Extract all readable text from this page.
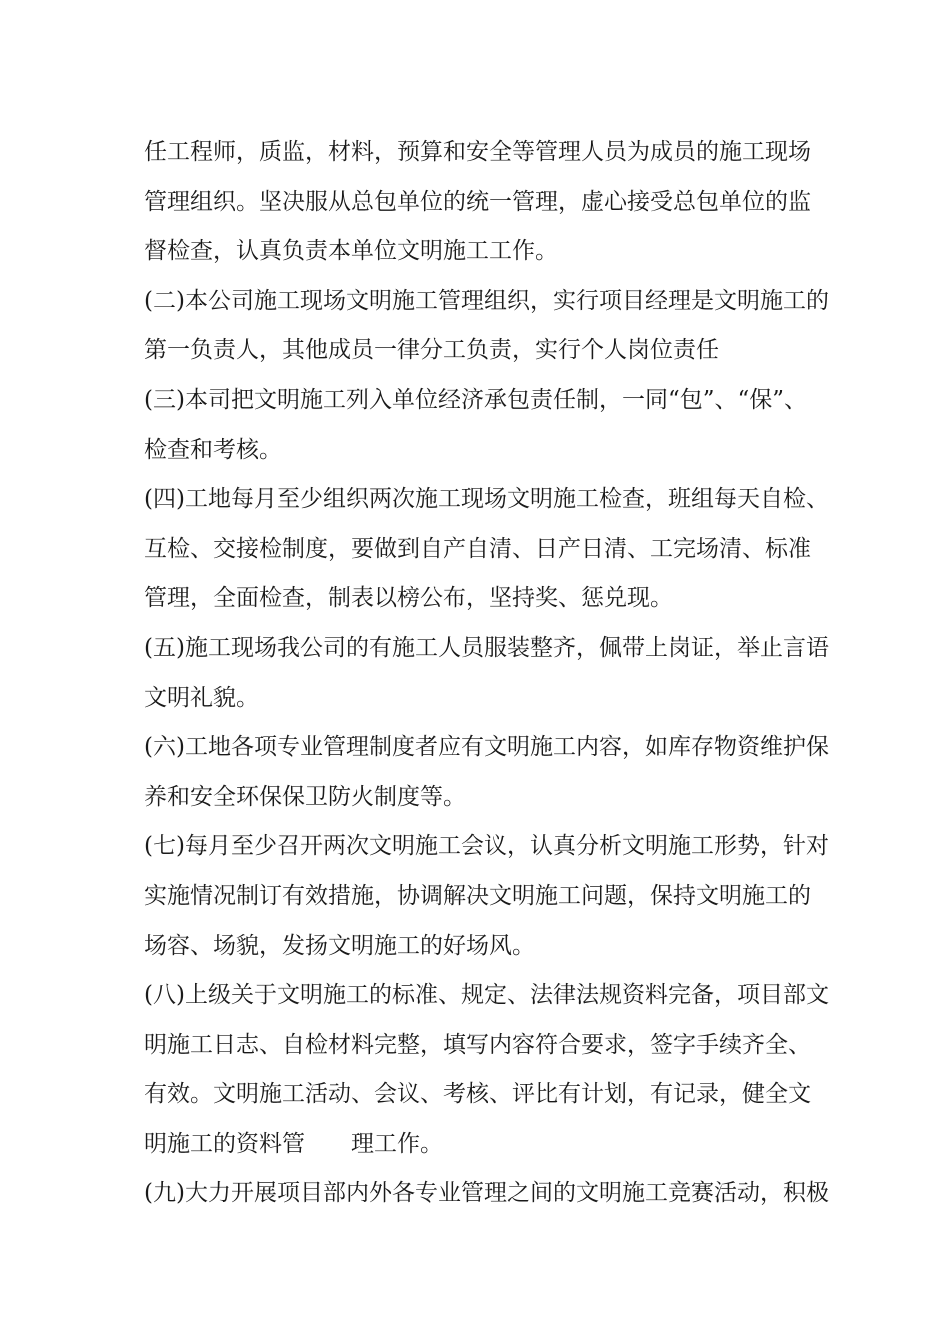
任工程师，质监，材料，预算和安全等管理人员为成员的施工现场
管理组织。坚决服从总包单位的统一管理，虚心接受总包单位的监
督检查，认真负责本单位文明施工工作。
(二)本公司施工现场文明施工管理组织，实行项目经理是文明施工的
第一负责人，其他成员一律分工负责，实行个人岗位责任
(三)本司把文明施工列入单位经济承包责任制，一同“包”、“保”、
检查和考核。
(四)工地每月至少组织两次施工现场文明施工检查，班组每天自检、
互检、交接检制度，要做到自产自清、日产日清、工完场清、标准
管理，全面检查，制表以榜公布，坚持奖、惩兑现。
(五)施工现场我公司的有施工人员服装整齐，佩带上岗证，举止言语
文明礼貌。
(六)工地各项专业管理制度者应有文明施工内容，如库存物资维护保
养和安全环保保卫防火制度等。
(七)每月至少召开两次文明施工会议，认真分析文明施工形势，针对
实施情况制订有效措施，协调解决文明施工问题，保持文明施工的
场容、场貌，发扬文明施工的好场风。
(八)上级关于文明施工的标准、规定、法律法规资料完备，项目部文
明施工日志、自检材料完整，填写内容符合要求，签字手续齐全、
有效。文明施工活动、会议、考核、评比有计划，有记录，健全文
明施工的资料管　　理工作。
(九)大力开展项目部内外各专业管理之间的文明施工竞赛活动，积极
